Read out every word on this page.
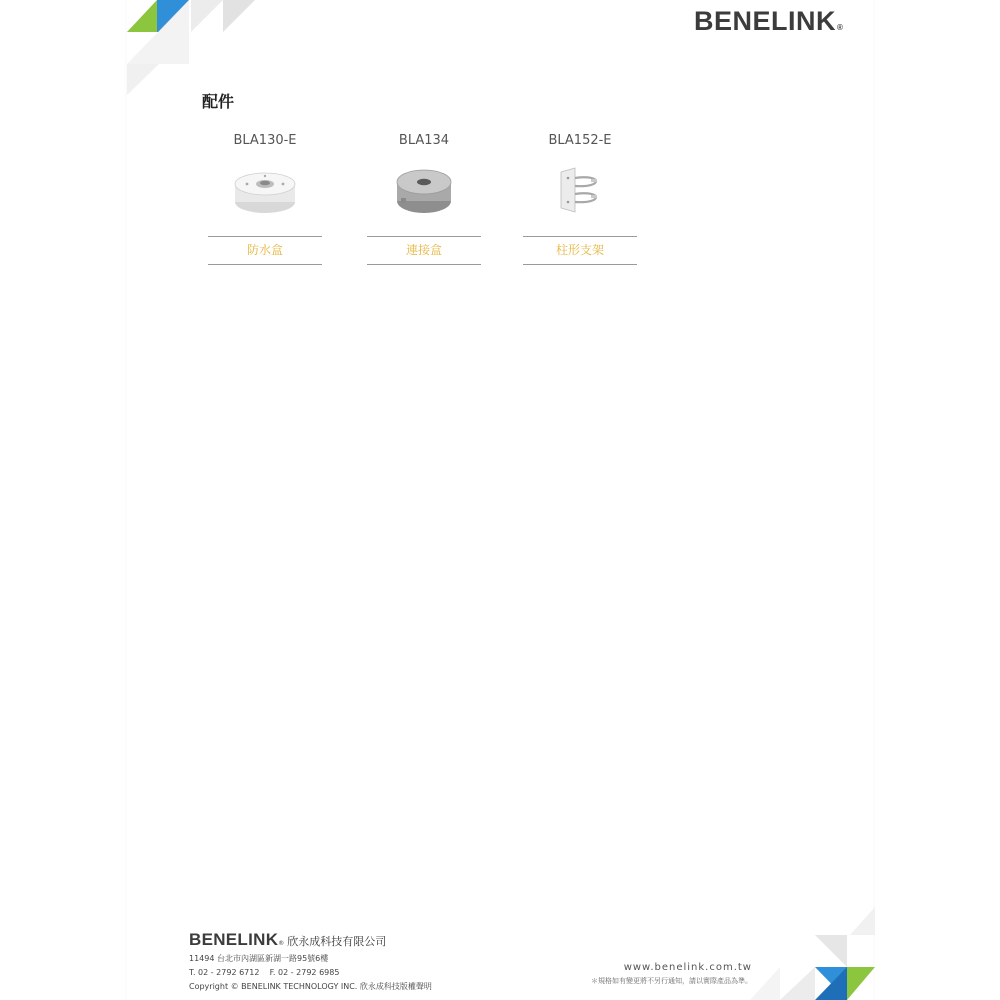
BENELINK®
配件
BLA130-E
防水盒
BLA134
連接盒
BLA152-E
柱形支架
BENELINK ® 欣永成科技有限公司
11494 台北市內湖區新湖一路95號6樓
T. 02 - 2792 6712 F. 02 - 2792 6985
Copyright © BENELINK TECHNOLOGY INC. 欣永成科技版權聲明
www.benelink.com.tw
＊規格如有變更將不另行通知，請以實際產品為準。
